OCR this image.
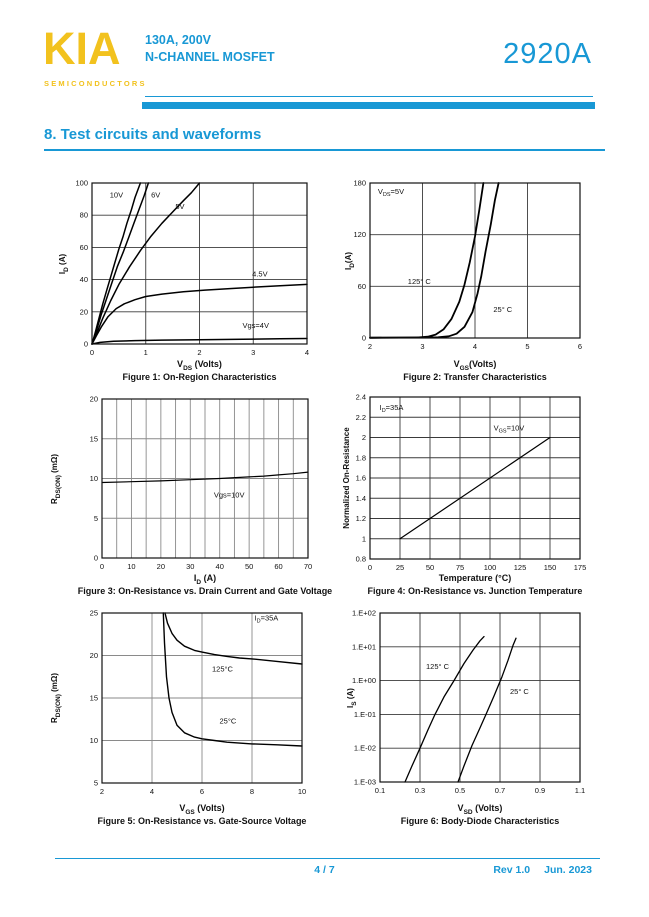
KIA
SEMICONDUCTORS
130A, 200V
N-CHANNEL MOSFET	2920A
8. Test circuits and waveforms
0	1	2	3	4
0
20
40
60
80
100
10V	6V
5V
4.5V
Vgs=4V
$I_D$ (A)
$V_{DS}$ (Volts)
Figure 1: On-Region Characteristics
2	3	4	5	6
0
60
120
180
$V_{DS}=5V$
125° C
25° C
$I_D(A)$
$V_{GS}(Volts)$
Figure 2: Transfer Characteristics
0	10	20	30	40	50	60	70
0
5
10
15
20
Vgs=10V
$R_{DS(ON)}$ (mΩ)
$I_D$ (A)
Figure 3: On-Resistance vs. Drain Current and Gate Voltage
0	25	50	75	100 125 150 175
0.8
1
1.2
1.4
1.6
1.8
2
2.2
2.4
$I_D=35A$
$V_{GS}=10V$
Normalized On-Resistance
Temperature (°C)
Figure 4: On-Resistance vs. Junction Temperature
2	4	6	8	10
5
10
15
20
25
$I_D=35A$
125°C
25°C
$R_{DS(ON)}$ (mΩ)
$V_{GS}$ (Volts)
Figure 5: On-Resistance vs. Gate-Source Voltage
0.1	0.3	0.5	0.7	0.9	1.1
1.E+02
1.E+01
1.E+00
1.E-01
1.E-02
1.E-03
125° C
25° C
$I_S$ (A)
$V_{SD}$ (Volts)
Figure 6: Body-Diode Characteristics
4 / 7	Rev 1.0 Jun. 2023
